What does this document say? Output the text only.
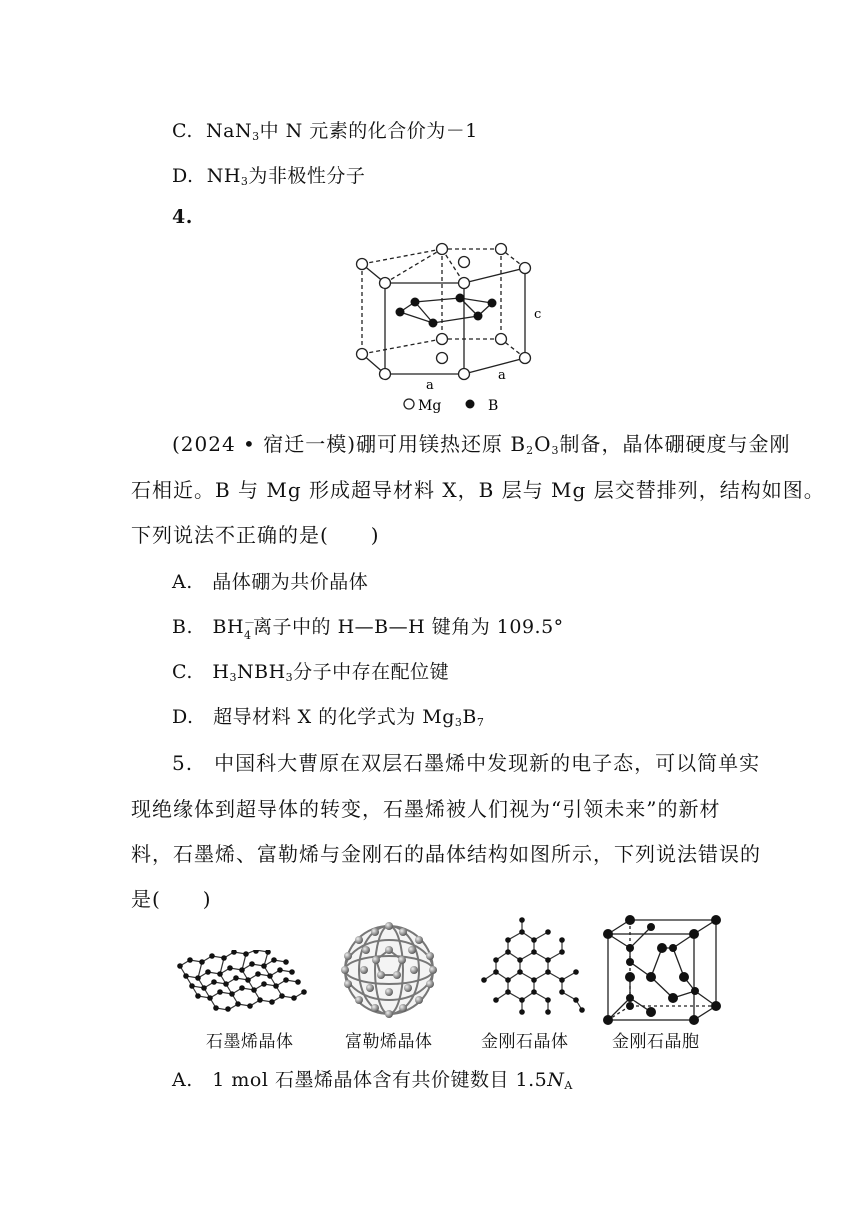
C. NaN$_3$中 N 元素的化合价为－1
D. $NH_3$为非极性分子
4.
a
a
c
Mg	B
(2024 • 宿迁一模)硼可用镁热还原 $B_2O_3$制备，晶体硼硬度与金刚
石相近。B 与 Mg 形成超导材料 X，B 层与 Mg 层交替排列，结构如图。
下列说法不正确的是(　　)
A.　晶体硼为共价晶体
B.　BH －
4 离子中的 H—B—H 键角为 109.5°
C.　$H_3NBH_3$分子中存在配位键
D.　超导材料 X 的化学式为 $Mg_3B_7$
5.　中国科大曹原在双层石墨烯中发现新的电子态，可以简单实
现绝缘体到超导体的转变，石墨烯被人们视为“引领未来”的新材
料，石墨烯、富勒烯与金刚石的晶体结构如图所示，下列说法错误的
是(　　)
石墨烯晶体	富勒烯晶体	金刚石晶体	金刚石晶胞
A.　1 mol 石墨烯晶体含有共价键数目 $1.5N_A$
